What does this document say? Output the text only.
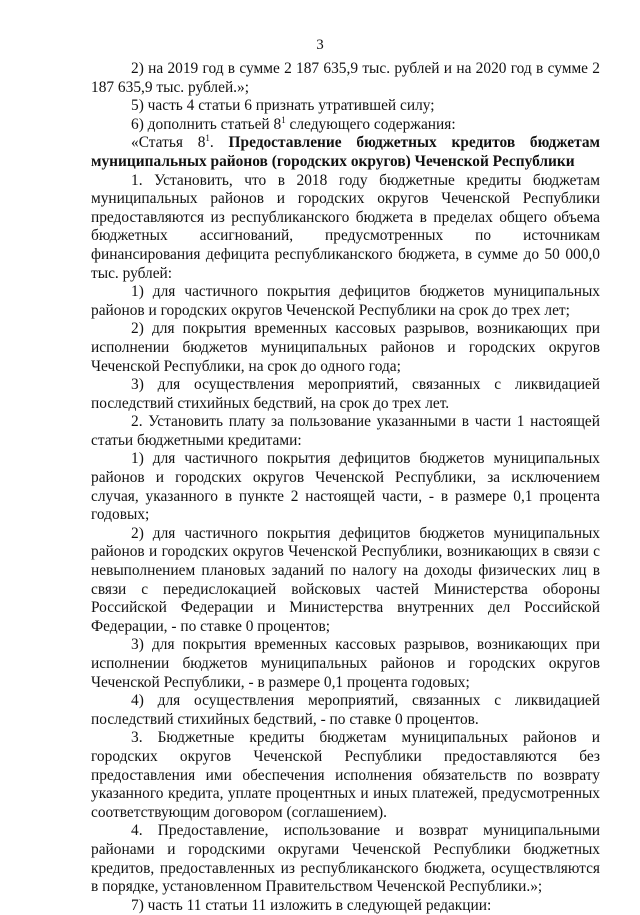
3

2) на 2019 год в сумме 2 187 635,9 тыс. рублей и на 2020 год в сумме 2 187 635,9 тыс. рублей.»;

5) часть 4 статьи 6 признать утратившей силу;

6) дополнить статьей $8^1$ следующего содержания:

«Статья $8^1$. Предоставление бюджетных кредитов бюджетам муниципальных районов (городских округов) Чеченской Республики

1. Установить, что в 2018 году бюджетные кредиты бюджетам муниципальных районов и городских округов Чеченской Республики предоставляются из республиканского бюджета в пределах общего объема бюджетных ассигнований, предусмотренных по источникам финансирования дефицита республиканского бюджета, в сумме до 50 000,0 тыс. рублей:

1) для частичного покрытия дефицитов бюджетов муниципальных районов и городских округов Чеченской Республики на срок до трех лет;

2) для покрытия временных кассовых разрывов, возникающих при исполнении бюджетов муниципальных районов и городских округов Чеченской Республики, на срок до одного года;

3) для осуществления мероприятий, связанных с ликвидацией последствий стихийных бедствий, на срок до трех лет.

2. Установить плату за пользование указанными в части 1 настоящей статьи бюджетными кредитами:

1) для частичного покрытия дефицитов бюджетов муниципальных районов и городских округов Чеченской Республики, за исключением случая, указанного в пункте 2 настоящей части, - в размере 0,1 процента годовых;

2) для частичного покрытия дефицитов бюджетов муниципальных районов и городских округов Чеченской Республики, возникающих в связи с невыполнением плановых заданий по налогу на доходы физических лиц в связи с передислокацией войсковых частей Министерства обороны Российской Федерации и Министерства внутренних дел Российской Федерации, - по ставке 0 процентов;

3) для покрытия временных кассовых разрывов, возникающих при исполнении бюджетов муниципальных районов и городских округов Чеченской Республики, - в размере 0,1 процента годовых;

4) для осуществления мероприятий, связанных с ликвидацией последствий стихийных бедствий, - по ставке 0 процентов.

3. Бюджетные кредиты бюджетам муниципальных районов и городских округов Чеченской Республики предоставляются без предоставления ими обеспечения исполнения обязательств по возврату указанного кредита, уплате процентных и иных платежей, предусмотренных соответствующим договором (соглашением).

4. Предоставление, использование и возврат муниципальными районами и городскими округами Чеченской Республики бюджетных кредитов, предоставленных из республиканского бюджета, осуществляются в порядке, установленном Правительством Чеченской Республики.»;

7) часть 11 статьи 11 изложить в следующей редакции:
